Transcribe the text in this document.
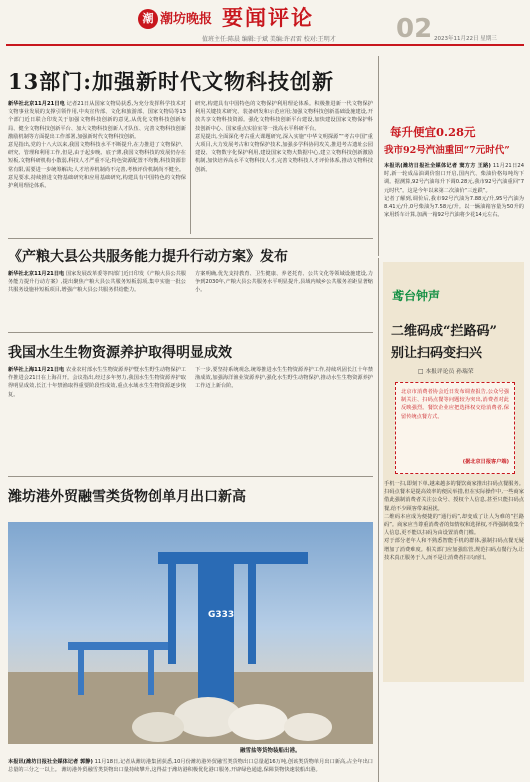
潮 潮坊晚报 要闻评论
值班主任:陈晨 编辑:于斌 美编:许君雷 校对:王明才 02 2023年11月22日 星期三
13部门:加强新时代文物科技创新
新华社北京11月21日电 记者21日从国家文物局获悉,为充分发挥科学技术对文物事业发展的支撑引领作用,中央宣传部、文化和旅游部、国家文物局等13个部门近日联合印发关于加强文物科技创新的意见,从优化文物科技创新布局、健全文物科技创新平台、加大文物科技创新人才队伍、完善文物科技创新激励机制等方面提出工作部署,加强新时代文物科技创新。
意见指出,党的十八大以来,我国文物科技水平不断提升,在力推进了文物保护、研究、管理和利用工作,但是,由于起步晚、底子薄,我国文物科技的发展仍存在短板,文物科研机构小散弱,科技人才严重不足;特色资源配置不均衡,科技资源非常有限,需要进一步统筹解决;人才培养机制尚不完善,考核评价机制尚不健全。
意见要求,持续推进文物基础研究和应用基础研究,构建具有中国特色的文物保护利用理论体系。
研究,构建具有中国特色的文物保护利用理论体系。积极推进新一代文物保护利用关键技术研究、装备研发和示范应用;加强文物科技创新基础设施建设,开放共享文物科技资源。强化文物科技创新平台建设,加快建设国家文物保护科技创新中心、国家重点实验室等一批高水平科研平台。
意见提出,全面深化考古重大课题研究,深入实施“中华文明探源”“考古中国”重大项目,大力发展考古和文物保护技术,加强多学科协同攻关,推进考古遗址公园建设、文物数字化保护利用,建设国家文物大数据中心,建立文物科技创新激励机制,加快培养高水平文物科技人才,完善文物科技人才评价体系,推动文物科技创新。
每升便宜0.28元
我市92号汽油重回“7元时代”
本报讯(潍坊日报社全媒体记者 窦方方 王路) 11月21日24时,新一轮成品油调价窗口开启,国内汽、柴油价格每吨均下调。据测算,92号汽油每升下调0.28元,我市92号汽油重回“7元时代”。这是今年以来第二次油价“三连跌”。
记者了解到,调价后,我市92号汽油为7.88元/升,95号汽油为8.41元/升,0号柴油为7.58元/升。以一辆油箱容量为50升的家用轿车计算,加满一箱92号汽油将少花14元左右。
《产粮大县公共服务能力提升行动方案》发布
新华社北京11月21日电 国家发展改革委等四部门近日印发《产粮大县公共服务能力提升行动方案》,提出聚焦产粮大县公共服务短板弱项,集中实施一批公共服务设施补短板项目,增强产粮大县公共服务供给能力。
方案明确,优先支持教育、卫生健康、养老托育、公共文化等领域设施建设,力争到2030年,产粮大县公共服务水平明显提升,县域内城乡公共服务差距显著缩小。
我国水生生物资源养护取得明显成效
新华社上海11月21日电 农业农村部水生生物资源养护暨水生野生动物保护工作推进会21日在上海召开。会议指出,经过多年努力,我国水生生物资源养护取得明显成效,长江十年禁渔取得重要阶段性成效,重点水域水生生物资源逐步恢复。
下一步,要坚持系统观念,统筹推进水生生物资源养护工作,持续巩固长江十年禁渔成效,加强海洋渔业资源养护,强化水生野生动物保护,推动水生生物资源养护工作迈上新台阶。
潍坊港外贸融雪类货物创单月出口新高
G333
融雪盐等货物装船出港。
本报讯(潍坊日报社全媒体记者 郭静) 11月18日,记者从潍坊港集团获悉,10月份潍坊港外贸融雪类货物出口总量超16万吨,创该类货物单月出口新高,占全年出口总量的三分之一以上。 潍坊港外贸融雪类货物出口量持续攀升,这得益于潍坊港积极优化港口服务,开辟绿色通道,保障货物快速装船出港。
鸢台钟声
二维码成“拦路码”
别让扫码变扫兴
□ 本报评论员 孙瑞荣
北京市消费者协会近日发布调查报告,公众号强制关注、扫码点餐等问题较为突出,消费者对此反映强烈。餐饮企业应把选择权交给消费者,保留传统点餐方式。
(据北京日报客户端)
手机一扫,即刻下单,越来越多的餐饮商家推出扫码点餐服务。扫码点餐本是提高效率的便民举措,但在实际操作中,一些商家借此强制消费者关注公众号、授权个人信息,甚至只能扫码点餐,给不少顾客带来困扰。
二维码本应成为便捷的“通行码”,却变成了让人为难的“拦路码”。商家应当尊重消费者的知情权和选择权,不得强制收集个人信息,更不能以扫码为由设置消费门槛。
对于部分老年人和不熟悉智能手机的群体,强制扫码点餐无疑增加了消费难度。相关部门应加强监管,规范扫码点餐行为,让技术真正服务于人,而不是让消费者扫兴而归。
